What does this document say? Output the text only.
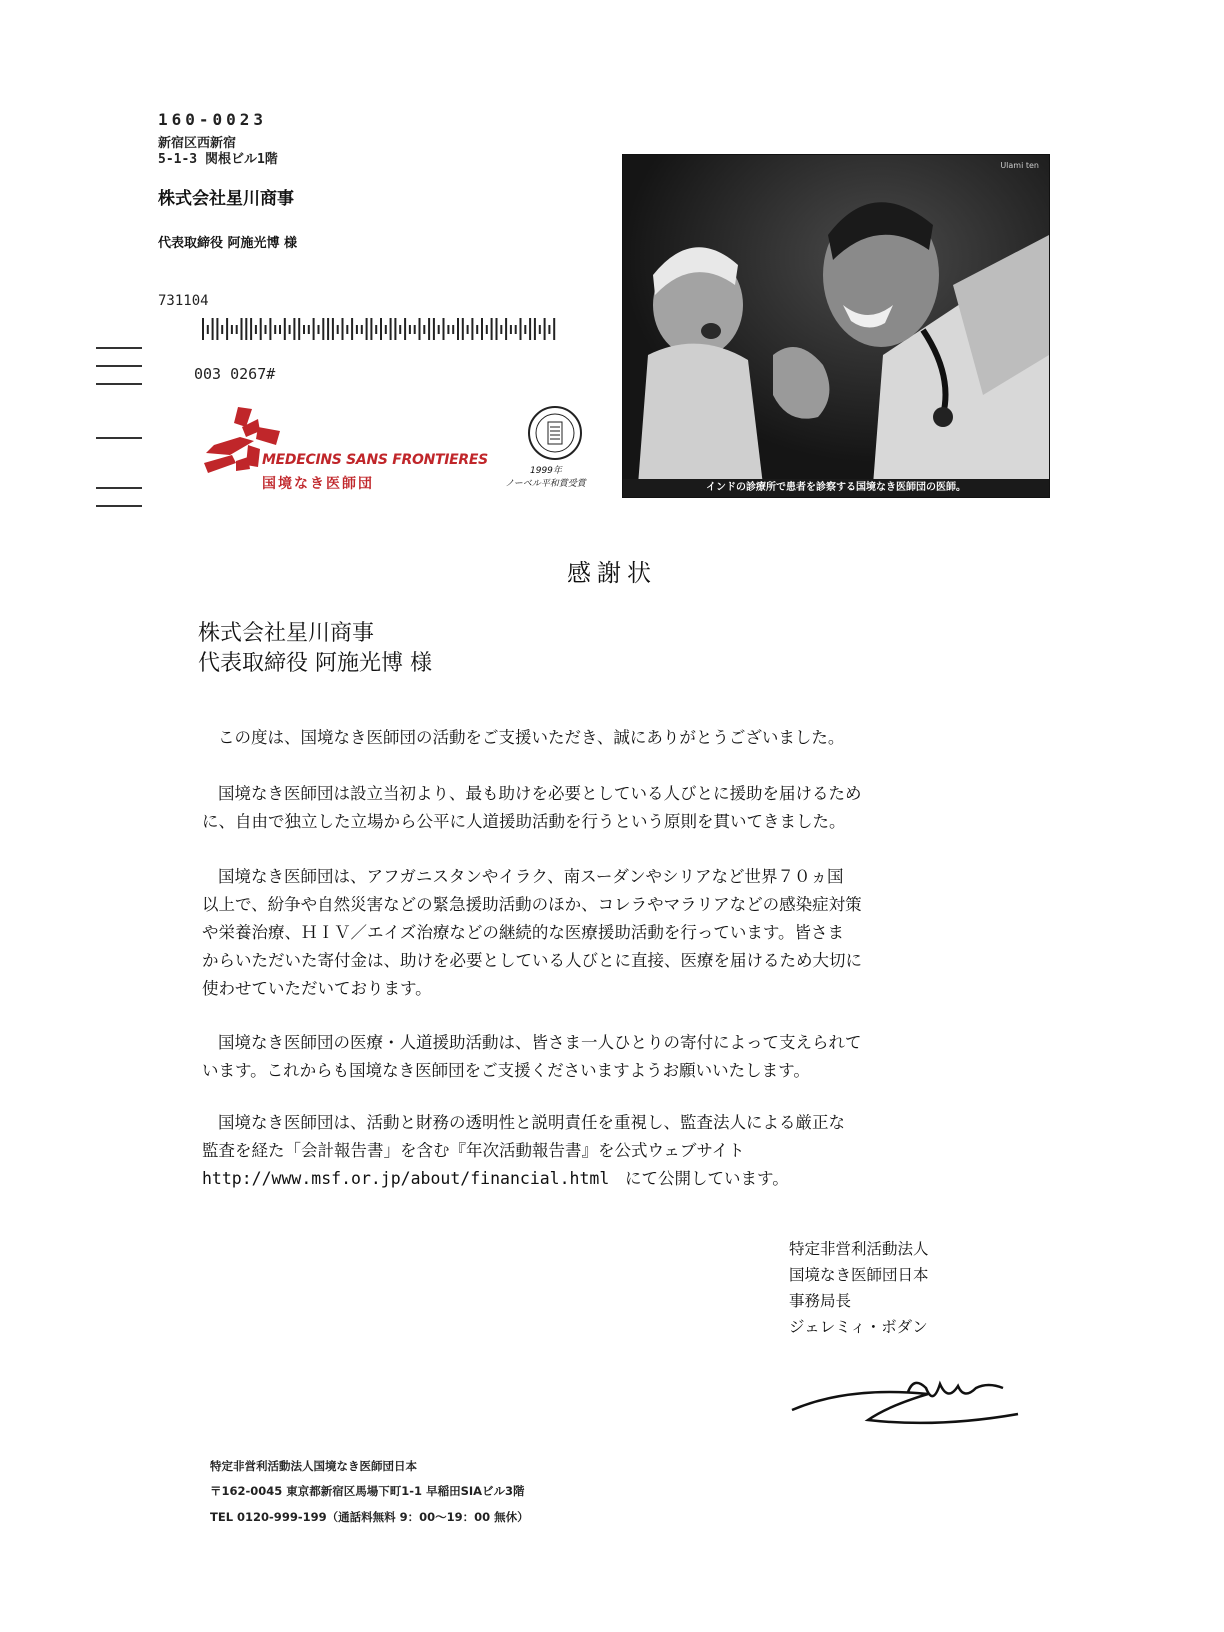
160-0023
新宿区西新宿
5-1-3 関根ビル1階
株式会社星川商事
代表取締役 阿施光博 様
731104
003 0267#
MEDECINS SANS FRONTIERES
国境なき医師団
1999年
ノーベル平和賞受賞
Ulami ten
インドの診療所で患者を診察する国境なき医師団の医師。
感謝状
株式会社星川商事
代表取締役 阿施光博 様
この度は、国境なき医師団の活動をご支援いただき、誠にありがとうございました。
国境なき医師団は設立当初より、最も助けを必要としている人びとに援助を届けるため
に、自由で独立した立場から公平に人道援助活動を行うという原則を貫いてきました。
国境なき医師団は、アフガニスタンやイラク、南スーダンやシリアなど世界７０ヵ国
以上で、紛争や自然災害などの緊急援助活動のほか、コレラやマラリアなどの感染症対策
や栄養治療、ＨＩＶ／エイズ治療などの継続的な医療援助活動を行っています。皆さま
からいただいた寄付金は、助けを必要としている人びとに直接、医療を届けるため大切に
使わせていただいております。
国境なき医師団の医療・人道援助活動は、皆さま一人ひとりの寄付によって支えられて
います。これからも国境なき医師団をご支援くださいますようお願いいたします。
国境なき医師団は、活動と財務の透明性と説明責任を重視し、監査法人による厳正な
監査を経た「会計報告書」を含む『年次活動報告書』を公式ウェブサイト
http://www.msf.or.jp/about/financial.html にて公開しています。
特定非営利活動法人
国境なき医師団日本
事務局長
ジェレミィ・ボダン
特定非営利活動法人国境なき医師団日本
〒162-0045 東京都新宿区馬場下町1-1 早稲田SIAビル3階
TEL 0120-999-199（通話料無料 9：00〜19：00 無休）
